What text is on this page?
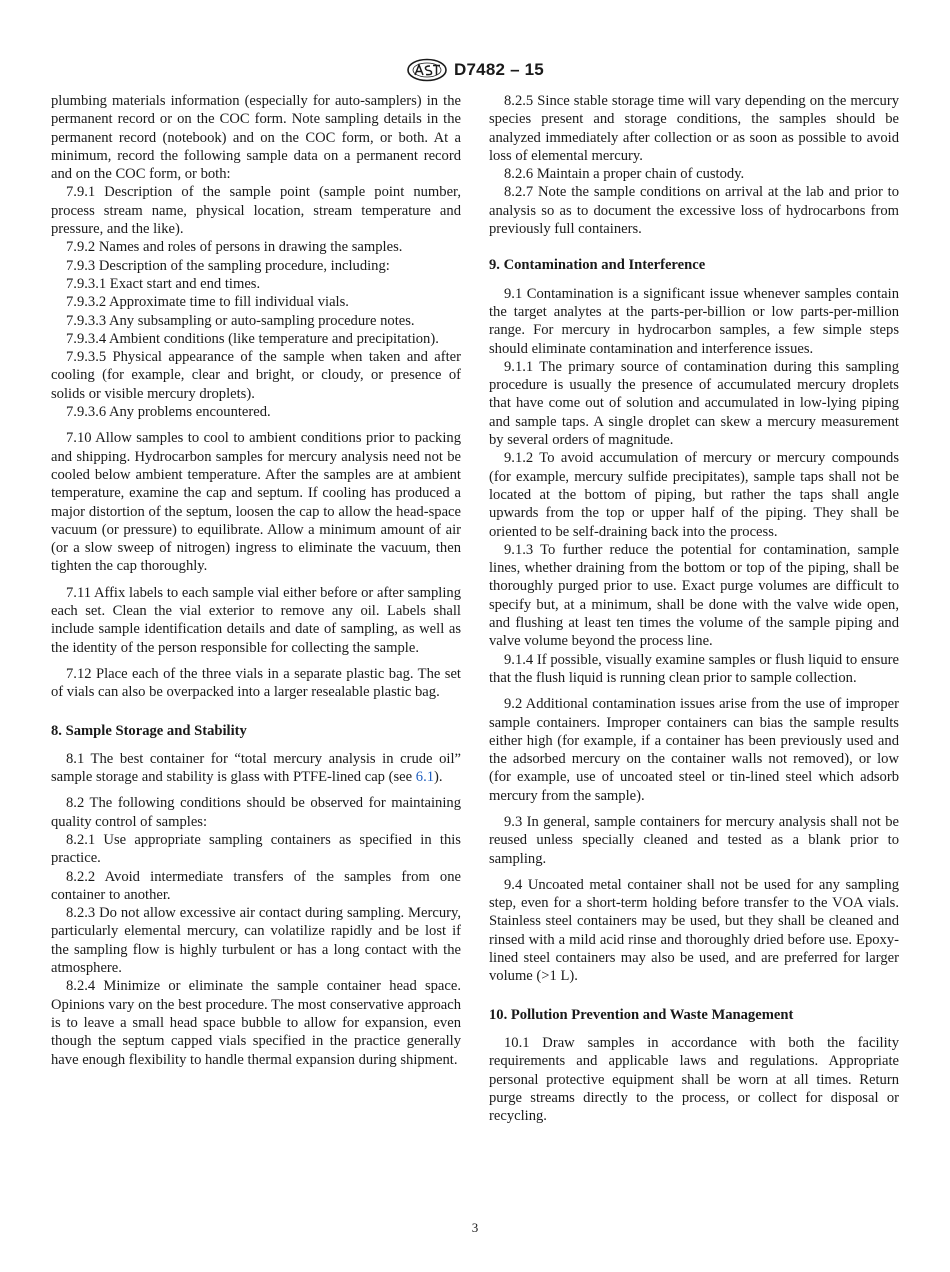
D7482 – 15

plumbing materials information (especially for auto-samplers) in the permanent record or on the COC form. Note sampling details in the permanent record (notebook) and on the COC form, or both. At a minimum, record the following sample data on a permanent record and on the COC form, or both:

7.9.1 Description of the sample point (sample point number, process stream name, physical location, stream temperature and pressure, and the like).

7.9.2 Names and roles of persons in drawing the samples.

7.9.3 Description of the sampling procedure, including:

7.9.3.1 Exact start and end times.

7.9.3.2 Approximate time to fill individual vials.

7.9.3.3 Any subsampling or auto-sampling procedure notes.

7.9.3.4 Ambient conditions (like temperature and precipitation).

7.9.3.5 Physical appearance of the sample when taken and after cooling (for example, clear and bright, or cloudy, or presence of solids or visible mercury droplets).

7.9.3.6 Any problems encountered.

7.10 Allow samples to cool to ambient conditions prior to packing and shipping. Hydrocarbon samples for mercury analysis need not be cooled below ambient temperature. After the samples are at ambient temperature, examine the cap and septum. If cooling has produced a major distortion of the septum, loosen the cap to allow the head-space vacuum (or pressure) to equilibrate. Allow a minimum amount of air (or a slow sweep of nitrogen) ingress to eliminate the vacuum, then tighten the cap thoroughly.

7.11 Affix labels to each sample vial either before or after sampling each set. Clean the vial exterior to remove any oil. Labels shall include sample identification details and date of sampling, as well as the identity of the person responsible for collecting the sample.

7.12 Place each of the three vials in a separate plastic bag. The set of vials can also be overpacked into a larger resealable plastic bag.

8. Sample Storage and Stability

8.1 The best container for “total mercury analysis in crude oil” sample storage and stability is glass with PTFE-lined cap (see 6.1).

8.2 The following conditions should be observed for maintaining quality control of samples:

8.2.1 Use appropriate sampling containers as specified in this practice.

8.2.2 Avoid intermediate transfers of the samples from one container to another.

8.2.3 Do not allow excessive air contact during sampling. Mercury, particularly elemental mercury, can volatilize rapidly and be lost if the sampling flow is highly turbulent or has a long contact with the atmosphere.

8.2.4 Minimize or eliminate the sample container head space. Opinions vary on the best procedure. The most conservative approach is to leave a small head space bubble to allow for expansion, even though the septum capped vials specified in the practice generally have enough flexibility to handle thermal expansion during shipment.

8.2.5 Since stable storage time will vary depending on the mercury species present and storage conditions, the samples should be analyzed immediately after collection or as soon as possible to avoid loss of elemental mercury.

8.2.6 Maintain a proper chain of custody.

8.2.7 Note the sample conditions on arrival at the lab and prior to analysis so as to document the excessive loss of hydrocarbons from previously full containers.

9. Contamination and Interference

9.1 Contamination is a significant issue whenever samples contain the target analytes at the parts-per-billion or low parts-per-million range. For mercury in hydrocarbon samples, a few simple steps should eliminate contamination and interference issues.

9.1.1 The primary source of contamination during this sampling procedure is usually the presence of accumulated mercury droplets that have come out of solution and accumulated in low-lying piping and sample taps. A single droplet can skew a mercury measurement by several orders of magnitude.

9.1.2 To avoid accumulation of mercury or mercury compounds (for example, mercury sulfide precipitates), sample taps shall not be located at the bottom of piping, but rather the taps shall angle upwards from the top or upper half of the piping. They shall be oriented to be self-draining back into the process.

9.1.3 To further reduce the potential for contamination, sample lines, whether draining from the bottom or top of the piping, shall be thoroughly purged prior to use. Exact purge volumes are difficult to specify but, at a minimum, shall be done with the valve wide open, and flushing at least ten times the volume of the sample piping and valve volume beyond the process line.

9.1.4 If possible, visually examine samples or flush liquid to ensure that the flush liquid is running clean prior to sample collection.

9.2 Additional contamination issues arise from the use of improper sample containers. Improper containers can bias the sample results either high (for example, if a container has been previously used and the adsorbed mercury on the container walls not removed), or low (for example, use of uncoated steel or tin-lined steel which adsorb mercury from the sample).

9.3 In general, sample containers for mercury analysis shall not be reused unless specially cleaned and tested as a blank prior to sampling.

9.4 Uncoated metal container shall not be used for any sampling step, even for a short-term holding before transfer to the VOA vials. Stainless steel containers may be used, but they shall be cleaned and rinsed with a mild acid rinse and thoroughly dried before use. Epoxy-lined steel containers may also be used, and are preferred for larger volume (>1 L).

10. Pollution Prevention and Waste Management

10.1 Draw samples in accordance with both the facility requirements and applicable laws and regulations. Appropriate personal protective equipment shall be worn at all times. Return purge streams directly to the process, or collect for disposal or recycling.

3
